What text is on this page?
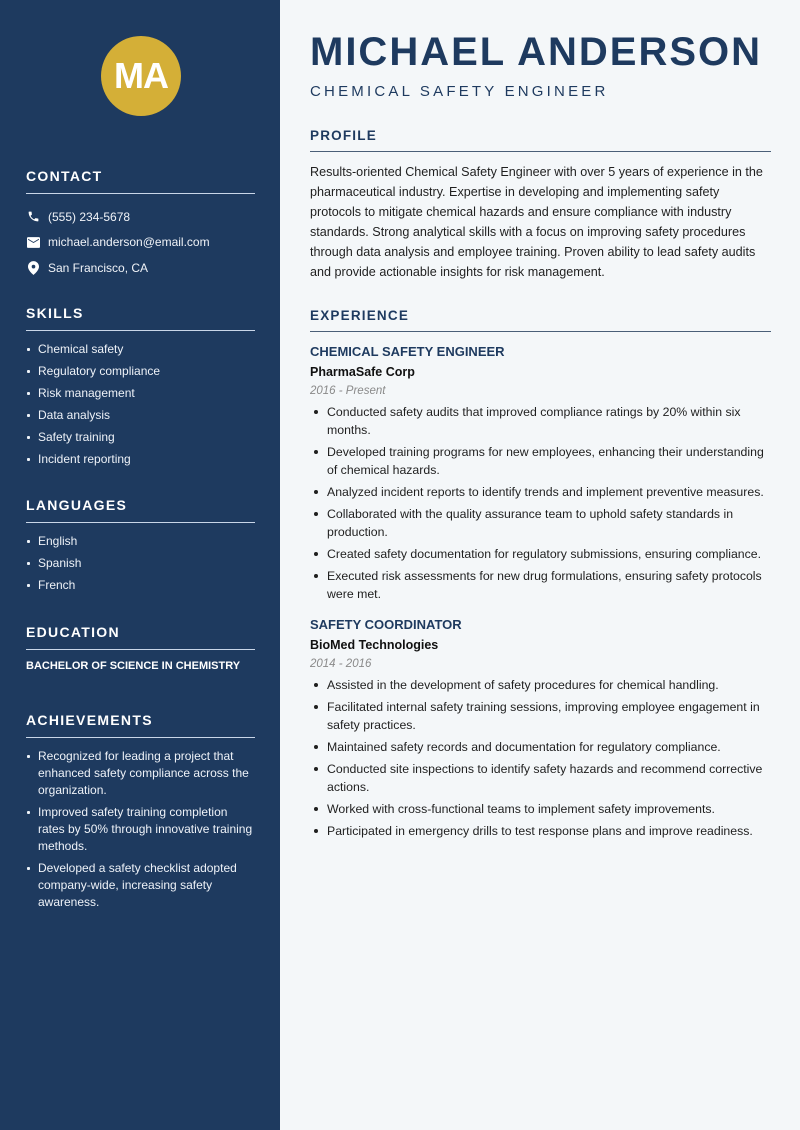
MA
CONTACT
(555) 234-5678
michael.anderson@email.com
San Francisco, CA
SKILLS
Chemical safety
Regulatory compliance
Risk management
Data analysis
Safety training
Incident reporting
LANGUAGES
English
Spanish
French
EDUCATION
BACHELOR OF SCIENCE IN CHEMISTRY
ACHIEVEMENTS
Recognized for leading a project that enhanced safety compliance across the organization.
Improved safety training completion rates by 50% through innovative training methods.
Developed a safety checklist adopted company-wide, increasing safety awareness.
MICHAEL ANDERSON
CHEMICAL SAFETY ENGINEER
PROFILE

Results-oriented Chemical Safety Engineer with over 5 years of experience in the pharmaceutical industry. Expertise in developing and implementing safety protocols to mitigate chemical hazards and ensure compliance with industry standards. Strong analytical skills with a focus on improving safety procedures through data analysis and employee training. Proven ability to lead safety audits and provide actionable insights for risk management.

EXPERIENCE
CHEMICAL SAFETY ENGINEER
PharmaSafe Corp
2016 - Present
Conducted safety audits that improved compliance ratings by 20% within six months.
Developed training programs for new employees, enhancing their understanding of chemical hazards.
Analyzed incident reports to identify trends and implement preventive measures.
Collaborated with the quality assurance team to uphold safety standards in production.
Created safety documentation for regulatory submissions, ensuring compliance.
Executed risk assessments for new drug formulations, ensuring safety protocols were met.
SAFETY COORDINATOR
BioMed Technologies
2014 - 2016
Assisted in the development of safety procedures for chemical handling.
Facilitated internal safety training sessions, improving employee engagement in safety practices.
Maintained safety records and documentation for regulatory compliance.
Conducted site inspections to identify safety hazards and recommend corrective actions.
Worked with cross-functional teams to implement safety improvements.
Participated in emergency drills to test response plans and improve readiness.
